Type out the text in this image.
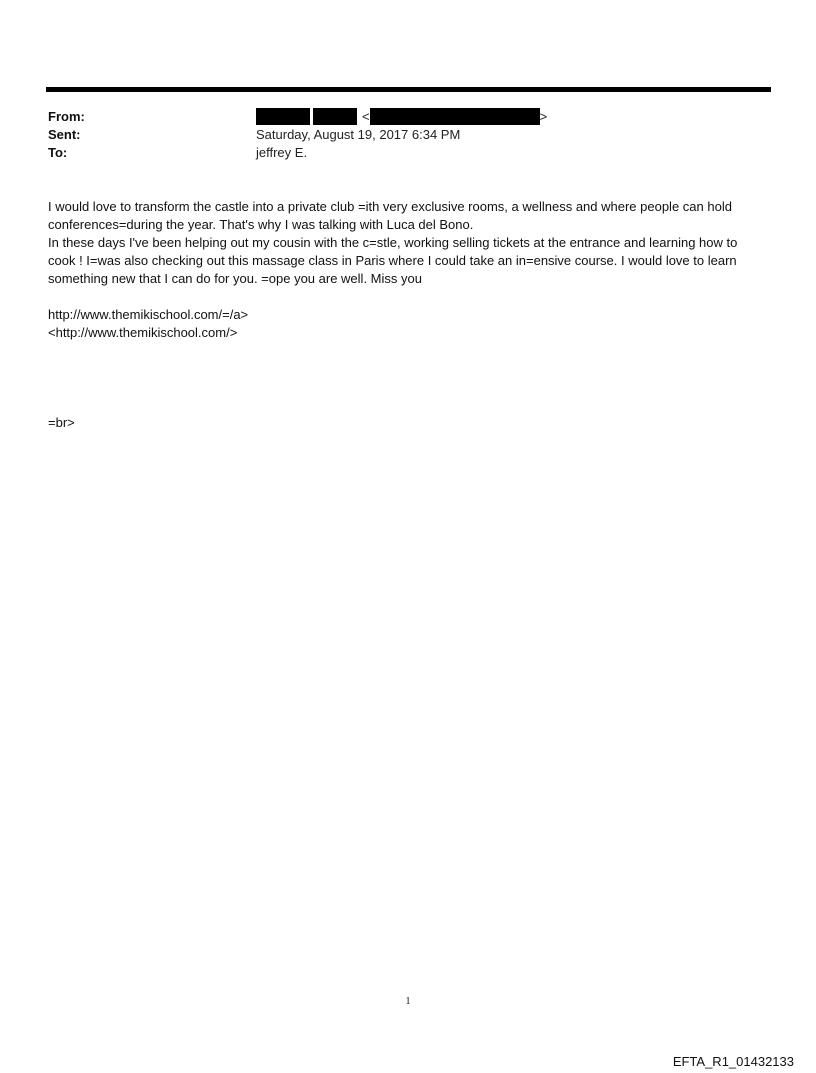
From:	<	>
Sent:	Saturday, August 19, 2017 6:34 PM
To:	jeffrey E.

I would love to transform the castle into a private club =ith very exclusive rooms, a wellness and where people can hold

conferences=during the year. That's why I was talking with Luca del Bono.

In these days I've been helping out my cousin with the c=stle, working selling tickets at the entrance and learning how to

cook ! I=was also checking out this massage class in Paris where I could take an in=ensive course. I would love to learn

something new that I can do for you. =ope you are well. Miss you

http://www.themikischool.com/=/a>
<http://www.themikischool.com/>
=br>
1
EFTA_R1_01432133
